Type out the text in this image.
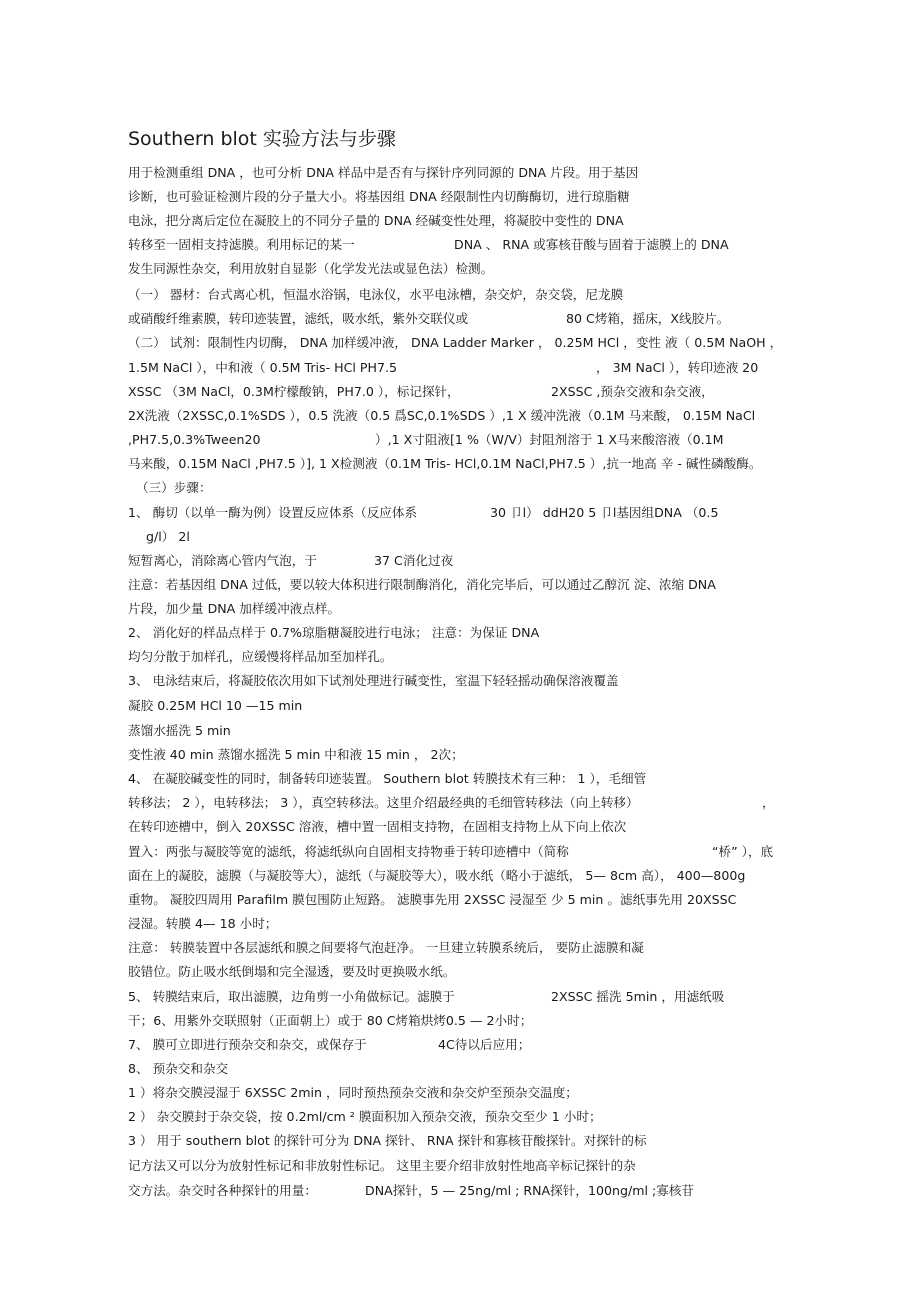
Southern blot 实验方法与步骤
用于检测重组 DNA ，也可分析 DNA 样品中是否有与探针序列同源的 DNA 片段。用于基因
诊断，也可验证检测片段的分子量大小。将基因组 DNA 经限制性内切酶酶切，进行琼脂糖
电泳，把分离后定位在凝胶上的不同分子量的 DNA 经碱变性处理，将凝胶中变性的 DNA
转移至一固相支持滤膜。利用标记的某一	DNA 、 RNA 或寡核苷酸与固着于滤膜上的 DNA
发生同源性杂交，利用放射自显影（化学发光法或显色法）检测。
（一） 器材：台式离心机，恒温水浴锅，电泳仪，水平电泳槽，杂交炉，杂交袋，尼龙膜
或硝酸纤维素膜，转印迹装置，滤纸，吸水纸，紫外交联仪或	80 C烤箱，摇床，X线胶片。
（二） 试剂：限制性内切酶， DNA 加样缓冲液， DNA Ladder Marker ， 0.25M HCl ，变性 液（ 0.5M NaOH ，
1.5M NaCl ），中和液（ 0.5M Tris- HCl PH7.5	， 3M NaCl ），转印迹液 20
XSSC （3M NaCl，0.3M柠檬酸钠，PH7.0 ），标记探针，	2XSSC ,预杂交液和杂交液，
2X洗液（2XSSC,0.1%SDS ），0.5 洗液（0.5 爲SC,0.1%SDS ）,1 X 缓冲洗液（0.1M 马来酸， 0.15M NaCl
,PH7.5,0.3%Tween20	）,1 X寸阻液[1 %（W/V）封阻剂溶于 1 X马来酸溶液（0.1M
马来酸，0.15M NaCl ,PH7.5 ）], 1 X检测液（0.1M Tris- HCl,0.1M NaCl,PH7.5 ）,抗一地高 辛 - 碱性磷酸酶。
（三）步骤：
1、 酶切（以单一酶为例）设置反应体系（反应体系	30 卩l） ddH20 5 卩l基因组DNA （0.5
g/l） 2l
短暂离心，消除离心管内气泡，于	37 C消化过夜
注意：若基因组 DNA 过低，要以较大体积进行限制酶消化，消化完毕后，可以通过乙醇沉 淀、浓缩 DNA
片段，加少量 DNA 加样缓冲液点样。
2、 消化好的样品点样于 0.7%琼脂糖凝胶进行电泳； 注意：为保证 DNA
均匀分散于加样孔，应缓慢将样品加至加样孔。
3、 电泳结束后，将凝胶依次用如下试剂处理进行碱变性，室温下轻轻摇动确保溶液覆盖
凝胶 0.25M HCl 10 —15 min
蒸馏水摇洗 5 min
变性液 40 min 蒸馏水摇洗 5 min 中和液 15 min ， 2次；
4、 在凝胶碱变性的同时，制备转印迹装置。 Southern blot 转膜技术有三种： 1 ），毛细管
转移法； 2 ），电转移法； 3 ），真空转移法。这里介绍最经典的毛细管转移法（向上转移）	，
在转印迹槽中，倒入 20XSSC 溶液，槽中置一固相支持物，在固相支持物上从下向上依次
置入：两张与凝胶等宽的滤纸，将滤纸纵向自固相支持物垂于转印迹槽中（简称	“桥” ），底
面在上的凝胶，滤膜（与凝胶等大），滤纸（与凝胶等大），吸水纸（略小于滤纸， 5— 8cm 高）， 400—800g
重物。 凝胶四周用 Parafilm 膜包围防止短路。 滤膜事先用 2XSSC 浸湿至 少 5 min 。滤纸事先用 20XSSC
浸湿。转膜 4— 18 小时；
注意： 转膜装置中各层滤纸和膜之间要将气泡赶净。 一旦建立转膜系统后， 要防止滤膜和凝
胶错位。防止吸水纸倒塌和完全湿透，要及时更换吸水纸。
5、 转膜结束后，取出滤膜，边角剪一小角做标记。滤膜于	2XSSC 摇洗 5min ，用滤纸吸
干；6、用紫外交联照射（正面朝上）或于 80 C烤箱烘烤0.5 — 2小时；
7、 膜可立即进行预杂交和杂交，或保存于	4C待以后应用；
8、 预杂交和杂交
1 ）将杂交膜浸湿于 6XSSC 2min ，同时预热预杂交液和杂交炉至预杂交温度；
2 ） 杂交膜封于杂交袋，按 0.2ml/cm ² 膜面积加入预杂交液，预杂交至少 1 小时；
3 ） 用于 southern blot 的探针可分为 DNA 探针、 RNA 探针和寡核苷酸探针。对探针的标
记方法又可以分为放射性标记和非放射性标记。 这里主要介绍非放射性地高辛标记探针的杂
交方法。杂交时各种探针的用量：	DNA探针，5 — 25ng/ml ; RNA探针，100ng/ml ;寡核苷
